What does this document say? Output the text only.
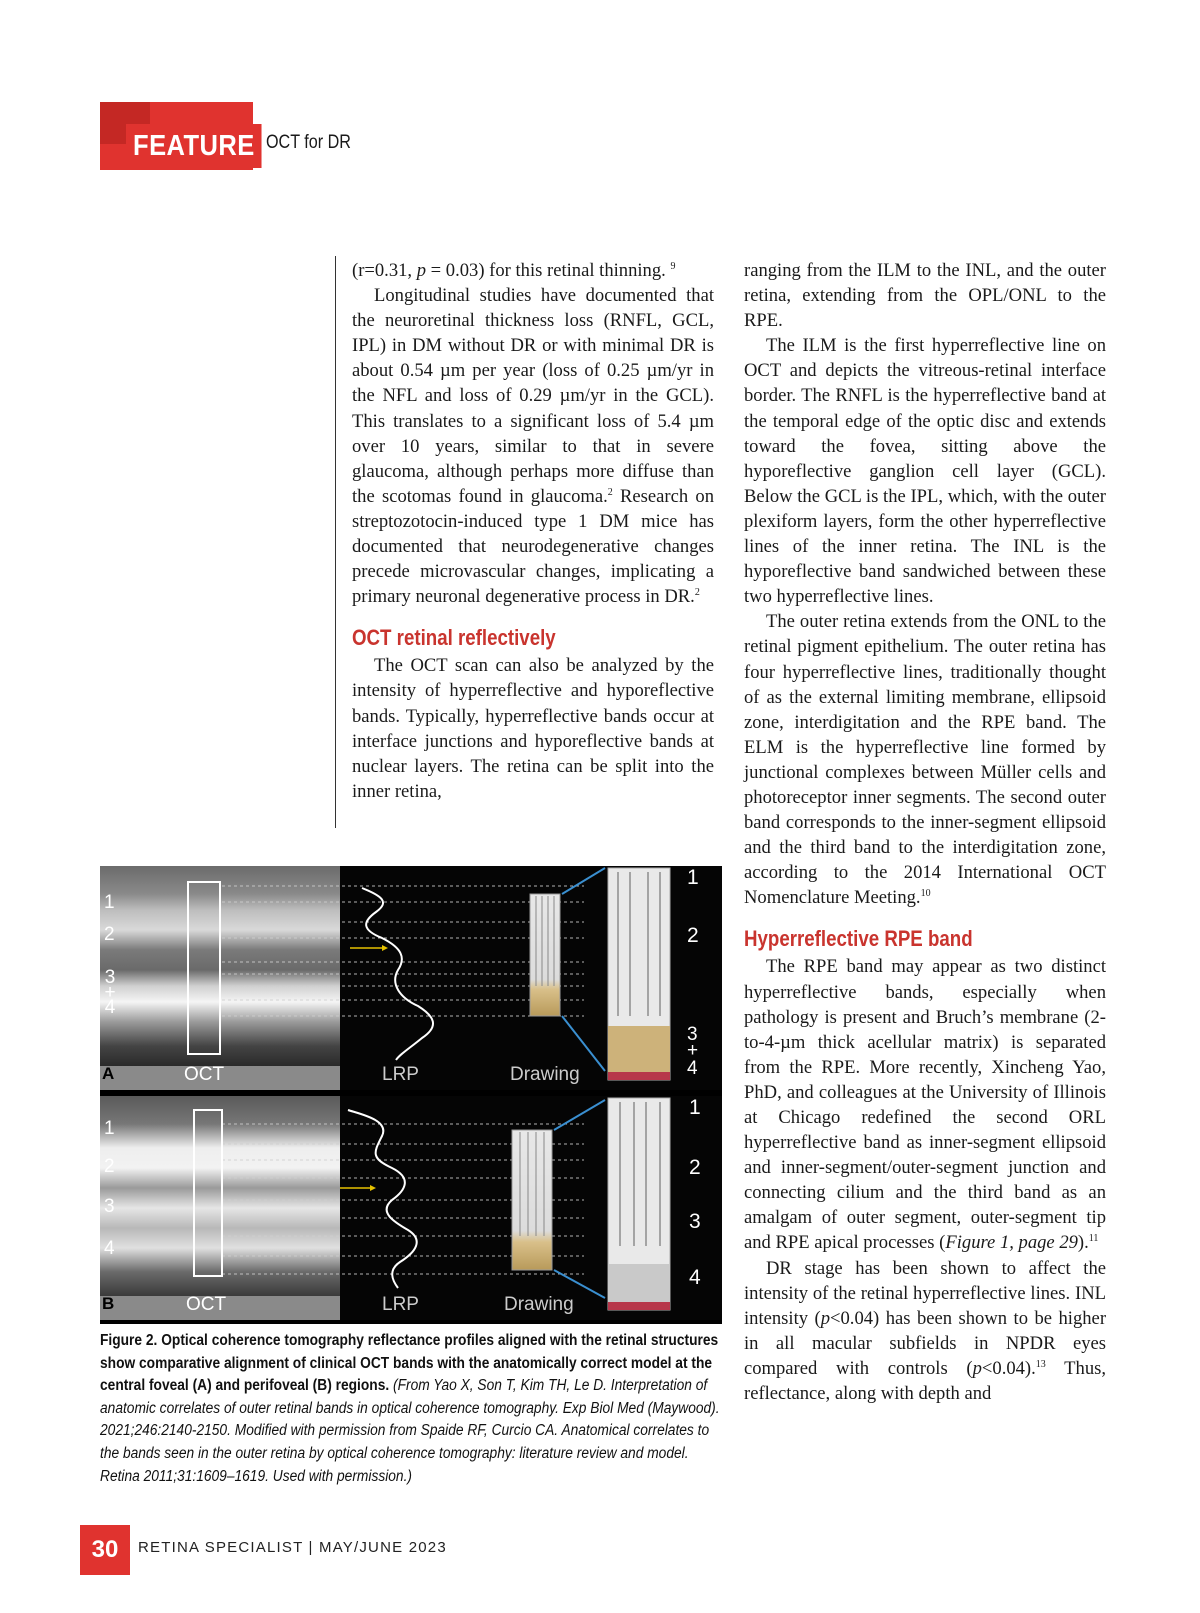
FEATURE OCT for DR

(r=0.31, p = 0.03) for this retinal thinning. $^9$

Longitudinal studies have documented that the neuroretinal thickness loss (RNFL, GCL, IPL) in DM without DR or with minimal DR is about 0.54 µm per year (loss of 0.25 µm/yr in the NFL and loss of 0.29 µm/yr in the GCL). This translates to a significant loss of 5.4 µm over 10 years, similar to that in severe glaucoma, although perhaps more diffuse than the scotomas found in glaucoma.$^2$ Research on streptozotocin-induced type 1 DM mice has documented that neurodegenerative changes precede microvascular changes, implicating a primary neuronal degenerative process in DR.$^2$

OCT retinal reflectively

The OCT scan can also be analyzed by the intensity of hyperreflective and hyporeflective bands. Typically, hyperreflective bands occur at interface junctions and hyporeflective bands at nuclear layers. The retina can be split into the inner retina,

ranging from the ILM to the INL, and the outer retina, extending from the OPL/ONL to the RPE.

The ILM is the first hyperreflective line on OCT and depicts the vitreous-retinal interface border. The RNFL is the hyperreflective band at the temporal edge of the optic disc and extends toward the fovea, sitting above the hyporeflective ganglion cell layer (GCL). Below the GCL is the IPL, which, with the outer plexiform layers, form the other hyperreflective lines of the inner retina. The INL is the hyporeflective band sandwiched between these two hyperreflective lines.

The outer retina extends from the ONL to the retinal pigment epithelium. The outer retina has four hyperreflective lines, traditionally thought of as the external limiting membrane, ellipsoid zone, interdigitation and the RPE band. The ELM is the hyperreflective line formed by junctional complexes between Müller cells and photoreceptor inner segments. The second outer band corresponds to the inner-segment ellipsoid and the third band to the interdigitation zone, according to the 2014 International OCT Nomenclature Meeting.$^{10}$

Hyperreflective RPE band

The RPE band may appear as two distinct hyperreflective bands, especially when pathology is present and Bruch’s membrane (2-to-4-µm thick acellular matrix) is separated from the RPE. More recently, Xincheng Yao, PhD, and colleagues at the University of Illinois at Chicago redefined the second ORL hyperreflective band as inner-segment ellipsoid and inner-segment/outer-segment junction and connecting cilium and the third band as an amalgam of outer segment, outer-segment tip and RPE apical processes (Figure 1, page 29).$^{11}$

DR stage has been shown to affect the intensity of the retinal hyperreflective lines. INL intensity (p<0.04) has been shown to be higher in all macular subfields in NPDR eyes compared with controls (p<0.04).$^{13}$ Thus, reflectance, along with depth and

1
2
3+4
A	OCT	LRP	Drawing
1
2
3
+
4
1
2
3
4
B	OCT	LRP	Drawing
1
2
3
4
Figure 2. Optical coherence tomography reflectance profiles aligned with the retinal structures show comparative alignment of clinical OCT bands with the anatomically correct model at the central foveal (A) and perifoveal (B) regions. (From Yao X, Son T, Kim TH, Le D. Interpretation of anatomic correlates of outer retinal bands in optical coherence tomography. Exp Biol Med (Maywood). 2021;246:2140-2150. Modified with permission from Spaide RF, Curcio CA. Anatomical correlates to the bands seen in the outer retina by optical coherence tomography: literature review and model. Retina 2011;31:1609–1619. Used with permission.)
30	RETINA SPECIALIST | MAY/JUNE 2023
